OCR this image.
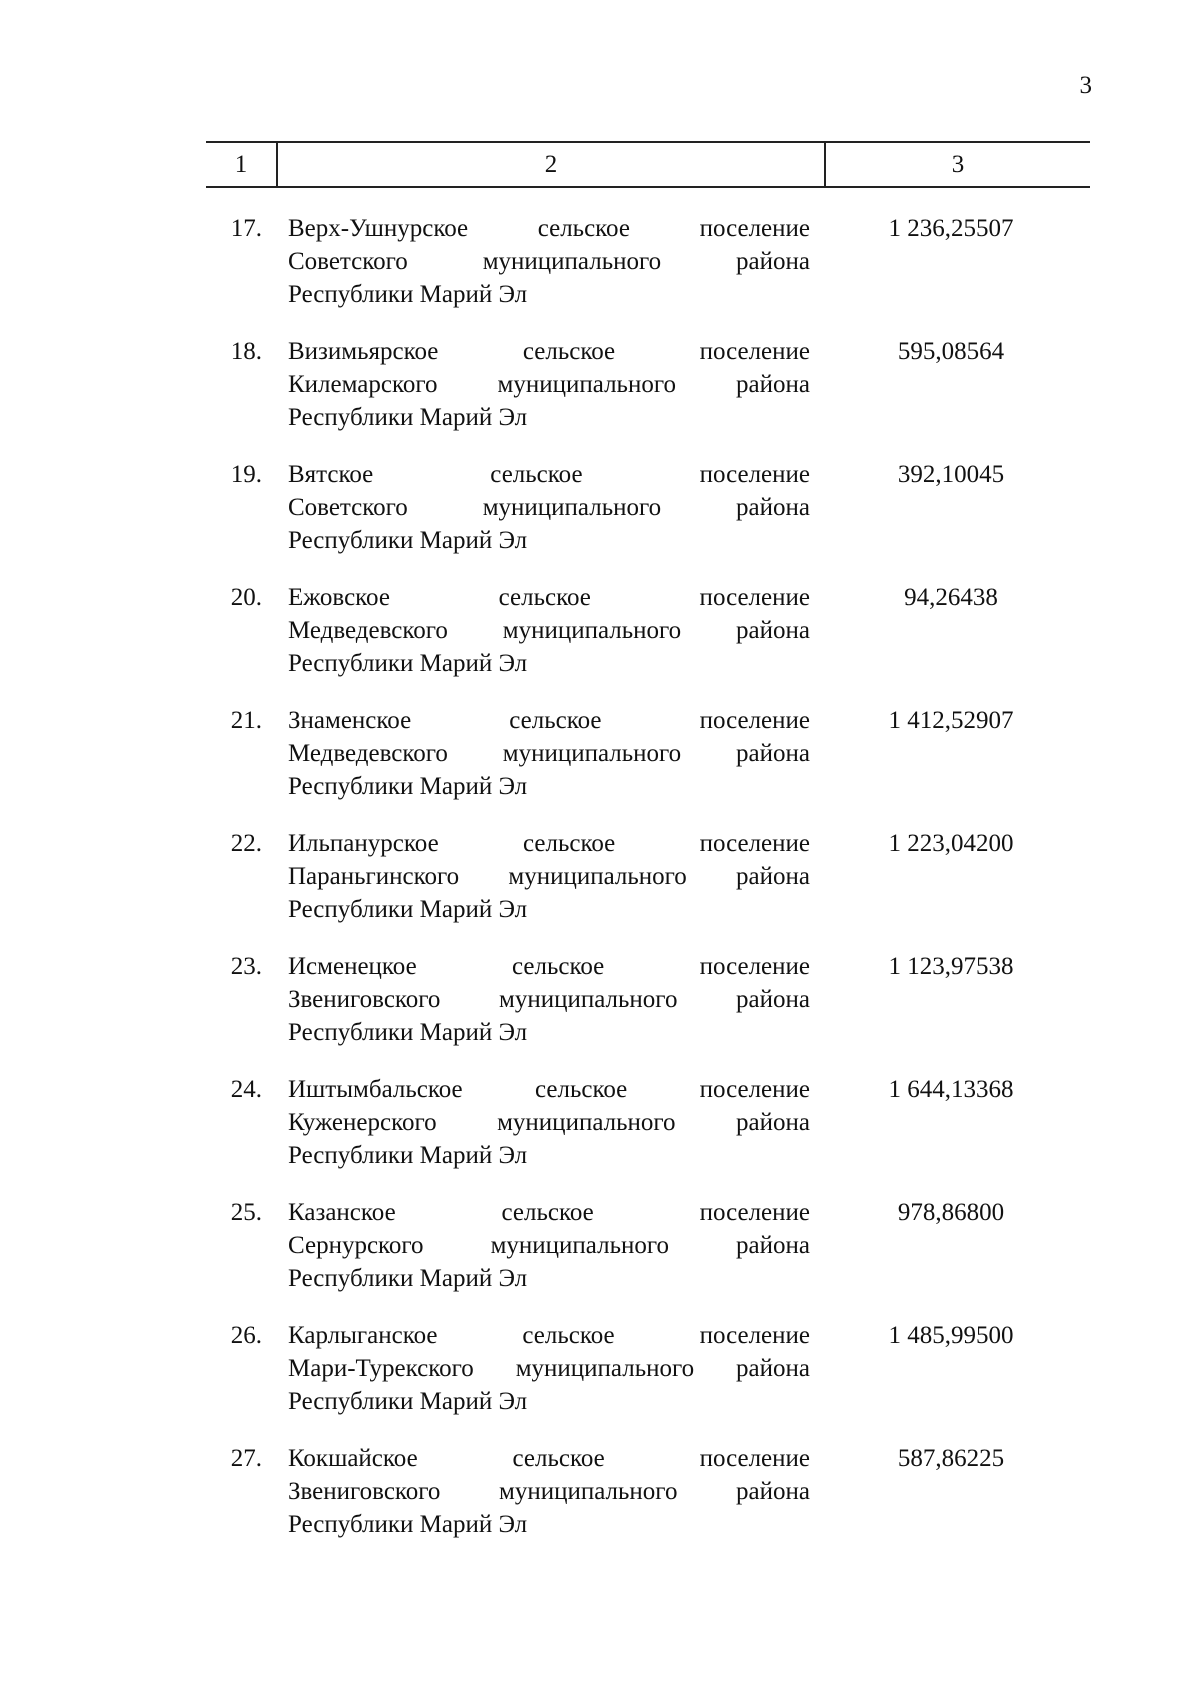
3
1	2	3
17.	Верх-Ушнурское сельское поселение
Советского муниципального района
Республики Марий Эл
1 236,25507
18.	Визимьярское сельское поселение
Килемарского муниципального района
Республики Марий Эл
595,08564
19.	Вятское сельское поселение
Советского муниципального района
Республики Марий Эл
392,10045
20.	Ежовское сельское поселение
Медведевского муниципального района
Республики Марий Эл
94,26438
21.	Знаменское сельское поселение
Медведевского муниципального района
Республики Марий Эл
1 412,52907
22.	Ильпанурское сельское поселение
Параньгинского муниципального района
Республики Марий Эл
1 223,04200
23.	Исменецкое сельское поселение
Звениговского муниципального района
Республики Марий Эл
1 123,97538
24.	Иштымбальское сельское поселение
Куженерского муниципального района
Республики Марий Эл
1 644,13368
25.	Казанское сельское поселение
Сернурского муниципального района
Республики Марий Эл
978,86800
26.	Карлыганское сельское поселение
Мари-Турекского муниципального района
Республики Марий Эл
1 485,99500
27.	Кокшайское сельское поселение
Звениговского муниципального района
Республики Марий Эл
587,86225
